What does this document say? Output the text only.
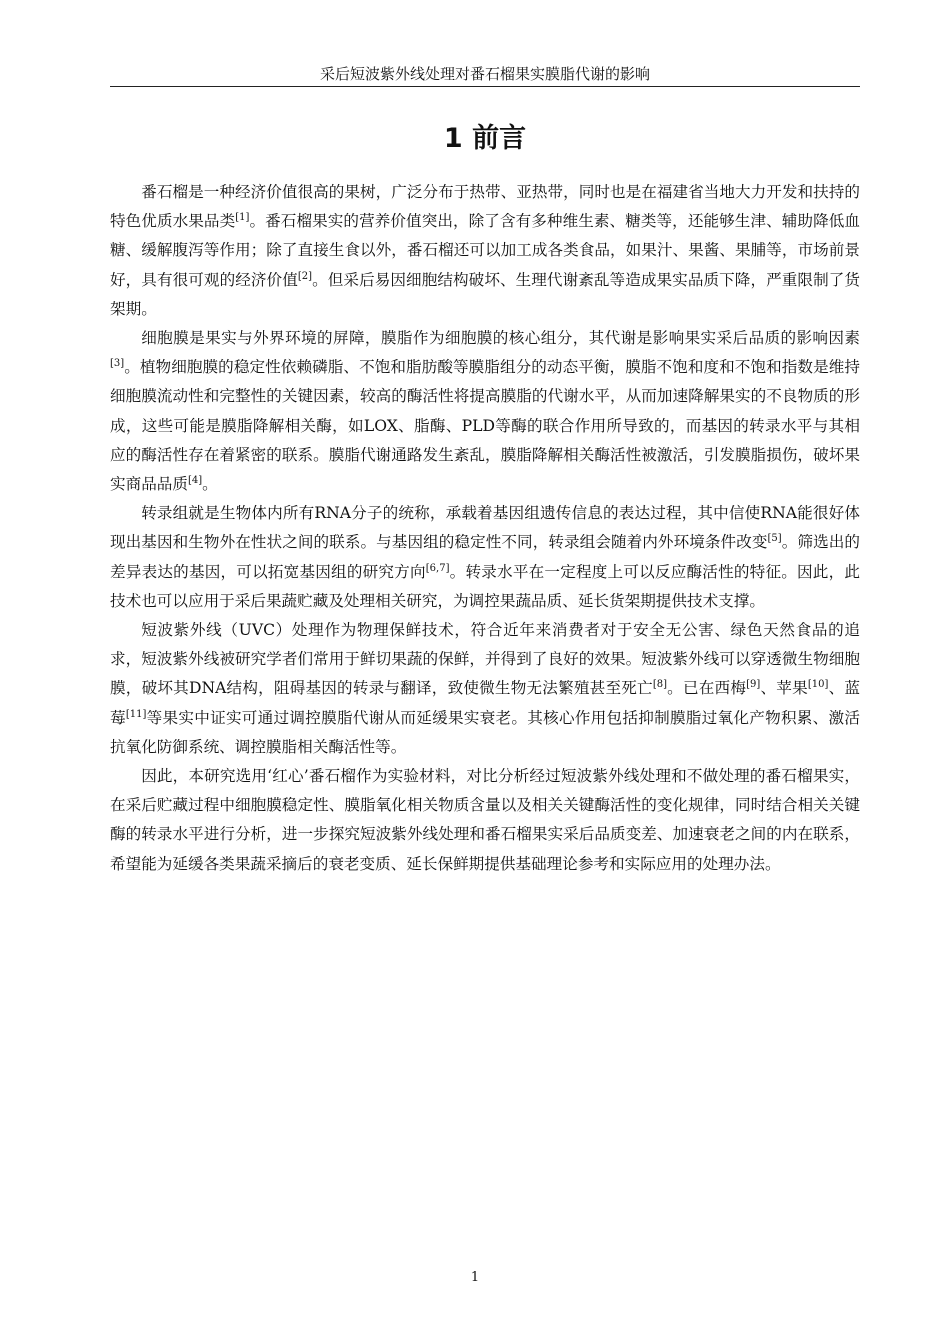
采后短波紫外线处理对番石榴果实膜脂代谢的影响
1 前言

番石榴是一种经济价值很高的果树，广泛分布于热带、亚热带，同时也是在福建省当地大力开发和扶持的特色优质水果品类[1]。番石榴果实的营养价值突出，除了含有多种维生素、糖类等，还能够生津、辅助降低血糖、缓解腹泻等作用；除了直接生食以外，番石榴还可以加工成各类食品，如果汁、果酱、果脯等，市场前景好，具有很可观的经济价值[2]。但采后易因细胞结构破坏、生理代谢紊乱等造成果实品质下降，严重限制了货架期。

细胞膜是果实与外界环境的屏障，膜脂作为细胞膜的核心组分，其代谢是影响果实采后品质的影响因素[3]。植物细胞膜的稳定性依赖磷脂、不饱和脂肪酸等膜脂组分的动态平衡，膜脂不饱和度和不饱和指数是维持细胞膜流动性和完整性的关键因素，较高的酶活性将提高膜脂的代谢水平，从而加速降解果实的不良物质的形成，这些可能是膜脂降解相关酶，如LOX、脂酶、PLD等酶的联合作用所导致的，而基因的转录水平与其相应的酶活性存在着紧密的联系。膜脂代谢通路发生紊乱，膜脂降解相关酶活性被激活，引发膜脂损伤，破坏果实商品品质[4]。

转录组就是生物体内所有RNA分子的统称，承载着基因组遗传信息的表达过程，其中信使RNA能很好体现出基因和生物外在性状之间的联系。与基因组的稳定性不同，转录组会随着内外环境条件改变[5]。筛选出的差异表达的基因，可以拓宽基因组的研究方向[6,7]。转录水平在一定程度上可以反应酶活性的特征。因此，此技术也可以应用于采后果蔬贮藏及处理相关研究，为调控果蔬品质、延长货架期提供技术支撑。

短波紫外线（UVC）处理作为物理保鲜技术，符合近年来消费者对于安全无公害、绿色天然食品的追求，短波紫外线被研究学者们常用于鲜切果蔬的保鲜，并得到了良好的效果。短波紫外线可以穿透微生物细胞膜，破坏其DNA结构，阻碍基因的转录与翻译，致使微生物无法繁殖甚至死亡[8]。已在西梅[9]、苹果[10]、蓝莓[11]等果实中证实可通过调控膜脂代谢从而延缓果实衰老。其核心作用包括抑制膜脂过氧化产物积累、激活抗氧化防御系统、调控膜脂相关酶活性等。

因此，本研究选用‘红心’番石榴作为实验材料，对比分析经过短波紫外线处理和不做处理的番石榴果实，在采后贮藏过程中细胞膜稳定性、膜脂氧化相关物质含量以及相关关键酶活性的变化规律，同时结合相关关键酶的转录水平进行分析，进一步探究短波紫外线处理和番石榴果实采后品质变差、加速衰老之间的内在联系，希望能为延缓各类果蔬采摘后的衰老变质、延长保鲜期提供基础理论参考和实际应用的处理办法。

1
